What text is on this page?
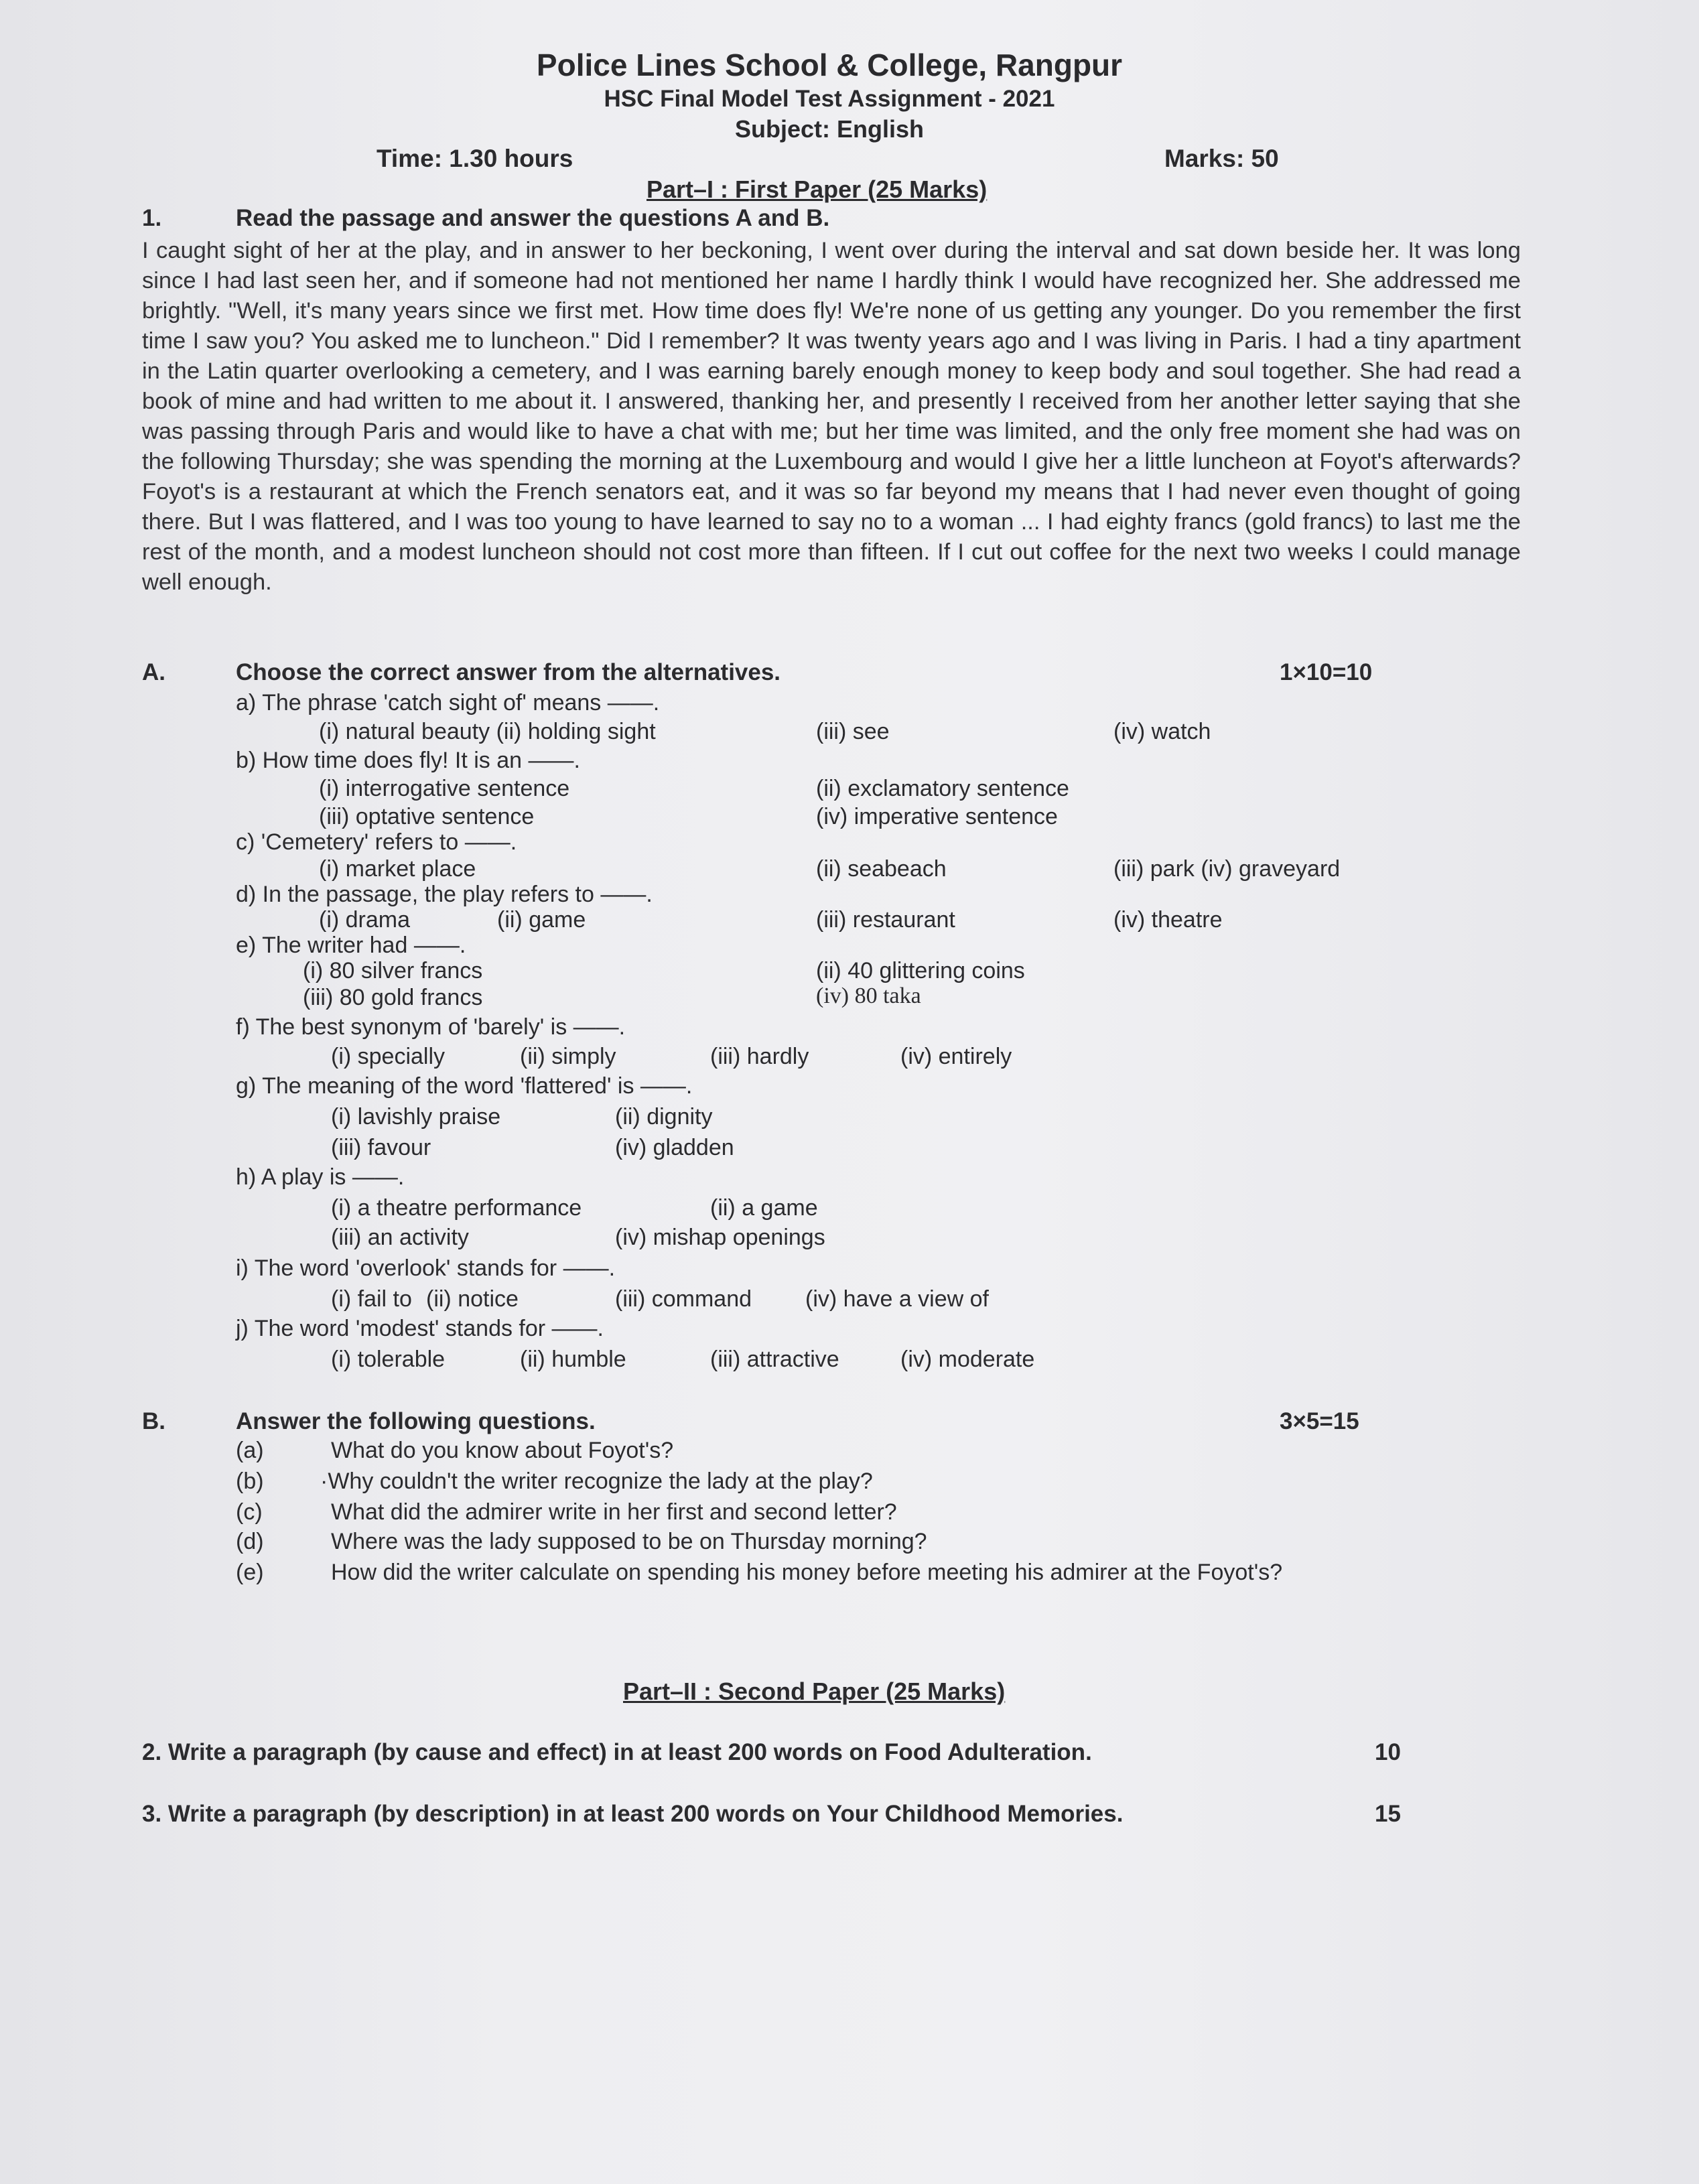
Police Lines School & College, Rangpur
HSC Final Model Test Assignment - 2021
Subject: English
Time: 1.30 hours	Marks: 50
Part–I : First Paper (25 Marks)
1.	Read the passage and answer the questions A and B.
I caught sight of her at the play, and in answer to her beckoning, I went over during the interval and sat down beside her. It was long since I had last seen her, and if someone had not mentioned her name I hardly think I would have recognized her. She addressed me brightly. "Well, it's many years since we first met. How time does fly! We're none of us getting any younger. Do you remember the first time I saw you? You asked me to luncheon." Did I remember? It was twenty years ago and I was living in Paris. I had a tiny apartment in the Latin quarter overlooking a cemetery, and I was earning barely enough money to keep body and soul together. She had read a book of mine and had written to me about it. I answered, thanking her, and presently I received from her another letter saying that she was passing through Paris and would like to have a chat with me; but her time was limited, and the only free moment she had was on the following Thursday; she was spending the morning at the Luxembourg and would I give her a little luncheon at Foyot's afterwards? Foyot's is a restaurant at which the French senators eat, and it was so far beyond my means that I had never even thought of going there. But I was flattered, and I was too young to have learned to say no to a woman ... I had eighty francs (gold francs) to last me the rest of the month, and a modest luncheon should not cost more than fifteen. If I cut out coffee for the next two weeks I could manage well enough.
A.	Choose the correct answer from the alternatives.	1×10=10
a) The phrase 'catch sight of' means ——.
(i) natural beauty (ii) holding sight	(iii) see	(iv) watch
b) How time does fly! It is an ——.
(i) interrogative sentence	(ii) exclamatory sentence
(iii) optative sentence	(iv) imperative sentence
c) 'Cemetery' refers to ——.
(i) market place	(ii) seabeach	(iii) park (iv) graveyard
d) In the passage, the play refers to ——.
(i) drama	(ii) game	(iii) restaurant	(iv) theatre
e) The writer had ——.
(i) 80 silver francs	(ii) 40 glittering coins
(iii) 80 gold francs	(iv) 80 taka
f) The best synonym of 'barely' is ——.
(i) specially	(ii) simply	(iii) hardly	(iv) entirely
g) The meaning of the word 'flattered' is ——.
(i) lavishly praise	(ii) dignity
(iii) favour	(iv) gladden
h) A play is ——.
(i) a theatre performance	(ii) a game
(iii) an activity	(iv) mishap openings
i) The word 'overlook' stands for ——.
(i) fail to (ii) notice	(iii) command (iv) have a view of
j) The word 'modest' stands for ——.
(i) tolerable	(ii) humble	(iii) attractive	(iv) moderate
B.	Answer the following questions.	3×5=15
(a)	What do you know about Foyot's?
(b) ·Why couldn't the writer recognize the lady at the play?
(c)	What did the admirer write in her first and second letter?
(d)	Where was the lady supposed to be on Thursday morning?
(e)	How did the writer calculate on spending his money before meeting his admirer at the Foyot's?
Part–II : Second Paper (25 Marks)
2. Write a paragraph (by cause and effect) in at least 200 words on Food Adulteration.	10
3. Write a paragraph (by description) in at least 200 words on Your Childhood Memories.	15
